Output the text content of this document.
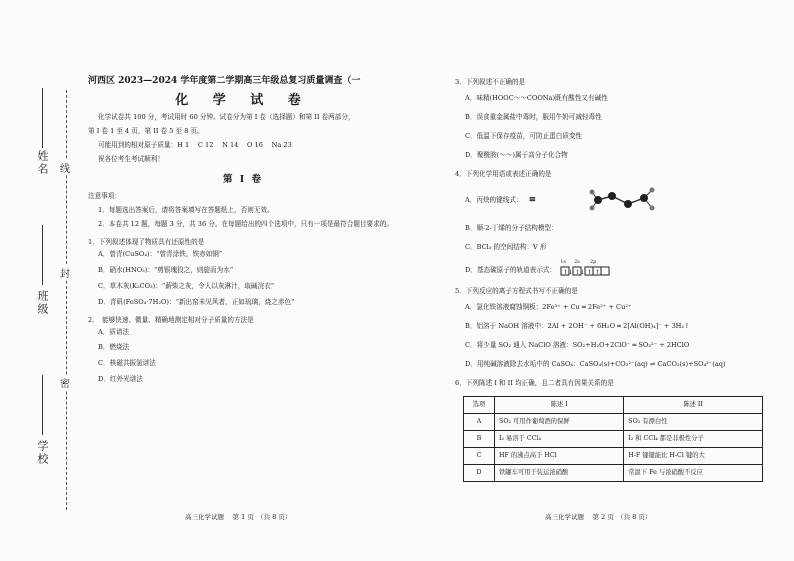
姓名
班级
学校
线
封
密
河西区 2023—2024 学年度第二学期高三年级总复习质量调查（一
化 学 试 卷
化学试卷共 100 分，考试用时 60 分钟。试卷分为第 I 卷（选择题）和第 II 卷两部分，
第 I 卷 1 至 4 页，第 II 卷 5 至 8 页。
可能用到的相对原子质量：H 1　 C 12　 N 14　 O 16　 Na 23
祝各位考生考试顺利！
第 I 卷
注意事项：
1．每题选出答案后，请将答案填写在答题纸上，否则无效。
2．本卷共 12 题，每题 3 分，共 36 分。在每题给出的四个选项中，只有一项是最符合题目要求的。
1．下列叙述体现了物质具有还原性的是
A．曾青(CuSO₄)：“曾青涂铁，铁赤如铜”
B．硝水(HNO₃)：“剪银塊投之，则旋而为水”
C．草木灰(K₂CO₃)：“薪柴之灰，令人以灰淋汁，取碱浣衣”
D．青矾(FeSO₄·7H₂O)：“新出窑未见风者，正如琉璃，烧之赤色”
2．　能够快速、微量、精确地测定相对分子质量的方法是
A．质谱法
B．燃烧法
C．核磁共振氢谱法
D．红外光谱法
高三化学试题　 第 1 页　（共 8 页）
3．下列叙述不正确的是
A．味精(HOOC～～COONa)既有酸性又有碱性
B．误食重金属盐中毒时，服用牛奶可减轻毒性
C．低温下保存疫苗，可防止蛋白质变性
D．聚酰胺(～～)属于高分子化合物
4．下列化学用语或表述正确的是
A．丙炔的键线式： ≡
B．顺-2-丁烯的分子结构模型：
C．BCl₃ 的空间结构：V 形
D．基态碳原子的轨道表示式： ↑↓ ↑↓ ↑ ↑
$^{1s}$ $^{2s}$ $^{2p}$
5．下列反应的离子方程式书写不正确的是
A．氯化铁溶液腐蚀铜板：2Fe³⁺ + Cu ═ 2Fe²⁺ + Cu²⁺
B．铝溶于 NaOH 溶液中：2Al + 2OH⁻ + 6H₂O ═ 2[Al(OH)₄]⁻ + 3H₂↑
C．将少量 SO₂ 通入 NaClO 溶液：SO₂+H₂O+2ClO⁻ ═ SO₃²⁻ + 2HClO
D．用纯碱溶液除去水垢中的 CaSO₄：CaSO₄(s)+CO₃²⁻(aq) ⇌ CaCO₃(s)+SO₄²⁻(aq)
6．下列陈述 I 和 II 均正确，且二者具有因果关系的是
选项	陈述 I	陈述 II
A	SO₂ 可用作葡萄酒的保鲜	SO₂ 有漂白性
B	I₂ 易溶于 CCl₄	I₂ 和 CCl₄ 都是非极性分子
C	HF 的沸点高于 HCl	H-F 键键能比 H-Cl 键的大
D	铁罐车可用于装运浓硝酸	常温下 Fe 与浓硝酸不反应
高三化学试题　 第 2 页　（共 8 页）
